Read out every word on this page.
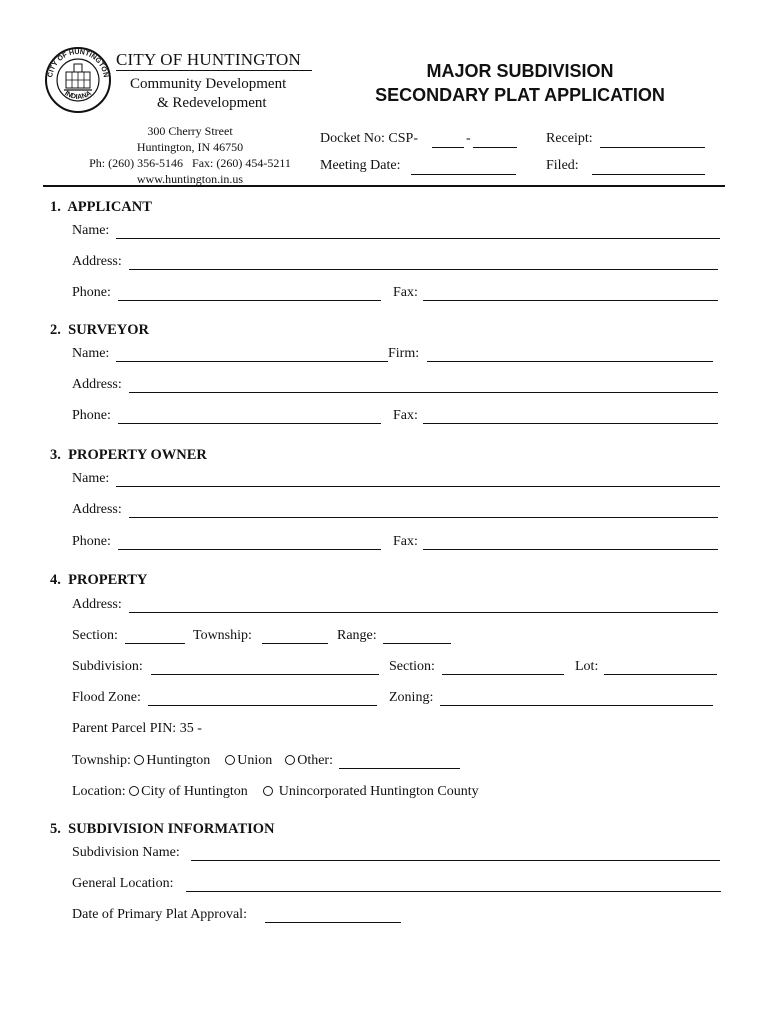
CITY OF HUNTINGTON
INDIANA
CITY OF HUNTINGTON
Community Development
& Redevelopment
300 Cherry Street
Huntington, IN 46750
Ph: (260) 356-5146   Fax: (260) 454-5211
www.huntington.in.us
MAJOR SUBDIVISION
SECONDARY PLAT APPLICATION
Docket No: CSP-	-	Receipt:
Meeting Date:	Filed:
1.  APPLICANT
Name:
Address:
Phone:	Fax:
2.  SURVEYOR
Name:	Firm:
Address:
Phone:	Fax:
3.  PROPERTY OWNER
Name:
Address:
Phone:	Fax:
4.  PROPERTY
Address:
Section:	Township:	Range:
Subdivision:	Section:	Lot:
Flood Zone:	Zoning:
Parent Parcel PIN: 35 -
Township: Huntington Union Other:
Location: City of Huntington Unincorporated Huntington County
5.  SUBDIVISION INFORMATION
Subdivision Name:
General Location:
Date of Primary Plat Approval:
